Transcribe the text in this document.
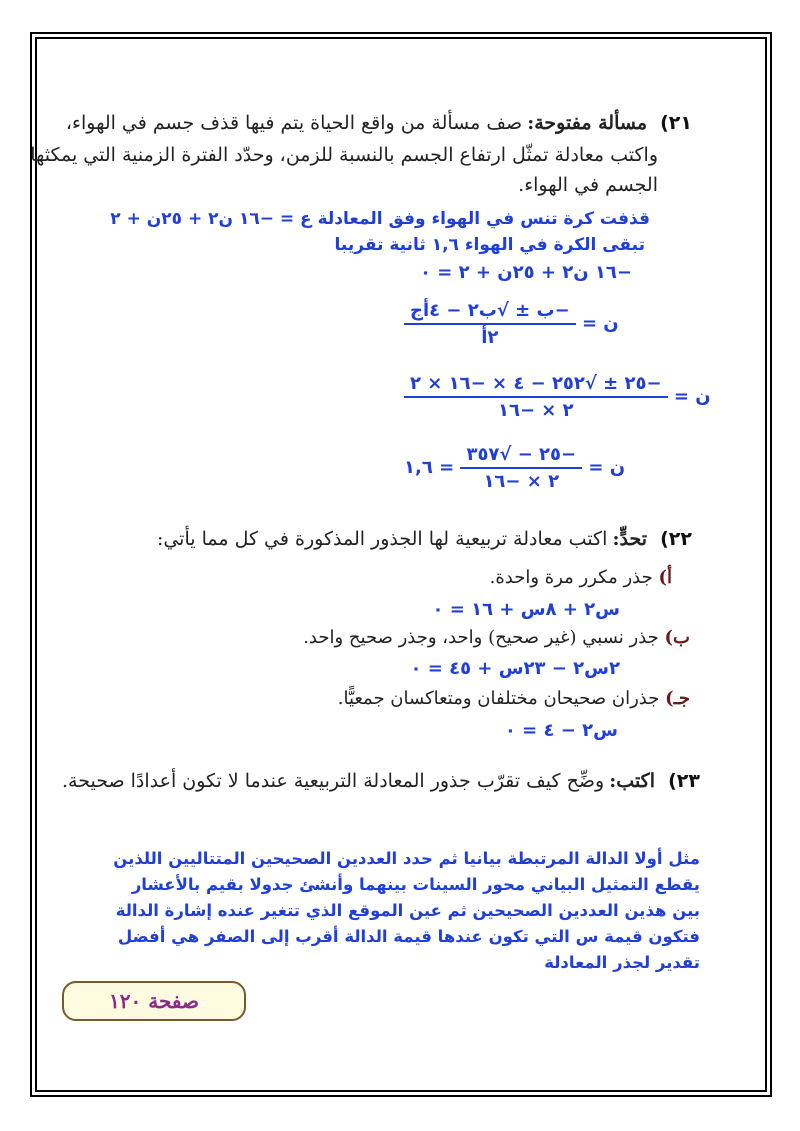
٢١) مسألة مفتوحة: صف مسألة من واقع الحياة يتم فيها قذف جسم في الهواء،
واكتب معادلة تمثّل ارتفاع الجسم بالنسبة للزمن، وحدّد الفترة الزمنية التي يمكثها
الجسم في الهواء.
قذفت كرة تنس في الهواء وفق المعادلة ع = −١٦ ن٢ + ٢٥ن + ٢
تبقى الكرة في الهواء ١,٦ ثانية تقريبا
−١٦ ن٢ + ٢٥ن + ٢ = ٠
ن =
$\frac{\text{−ب ± √ب٢ − ٤أج}}{\text{٢أ}}$
ن =
$\frac{-٢٥ \pm √٢٥٢ - ٤ \times -١٦ \times ٢}{٢ \times -١٦}$
ن =
$\frac{-٢٥ - √٣٥٧}{٢ \times -١٦}$
= ١,٦
٢٢) تحدٍّ: اكتب معادلة تربيعية لها الجذور المذكورة في كل مما يأتي:
أ) جذر مكرر مرة واحدة.
س٢ + ٨س + ١٦ = ٠
ب) جذر نسبي (غير صحيح) واحد، وجذر صحيح واحد.
٢س٢ − ٢٣س + ٤٥ = ٠
جـ) جذران صحيحان مختلفان ومتعاكسان جمعيًّا.
س٢ − ٤ = ٠
٢٣) اكتب: وضِّح كيف تقرّب جذور المعادلة التربيعية عندما لا تكون أعدادًا صحيحة.
مثل أولا الدالة المرتبطة بيانيا ثم حدد العددين الصحيحين المتتاليين اللذين يقطع التمثيل البياني محور السينات بينهما وأنشئ جدولا بقيم بالأعشار بين هذين العددين الصحيحين ثم عين الموقع الذي تتغير عنده إشارة الدالة فتكون قيمة س التي تكون عندها قيمة الدالة أقرب إلى الصفر هي أفضل تقدير لجذر المعادلة
صفحة ١٢٠
